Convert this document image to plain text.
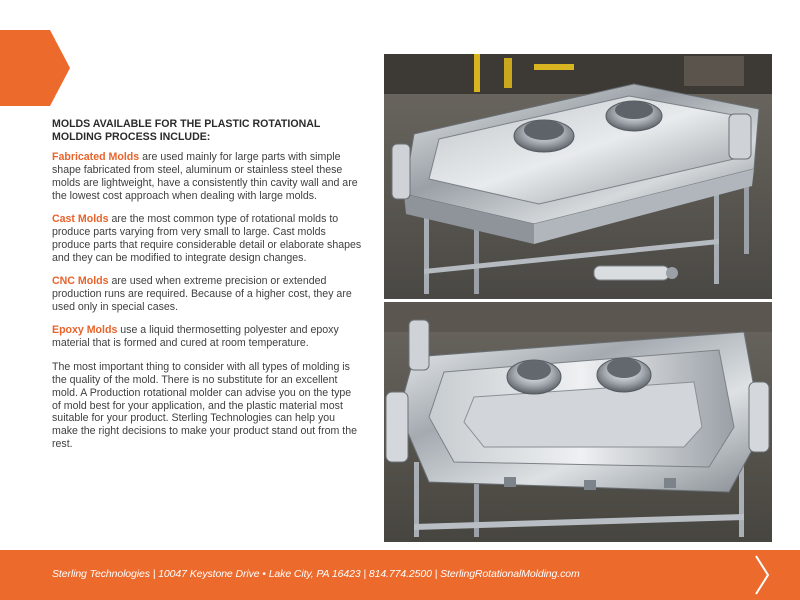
MOLDS AVAILABLE FOR THE PLASTIC ROTATIONAL MOLDING PROCESS INCLUDE:

Fabricated Molds are used mainly for large parts with simple shape fabricated from steel, aluminum or stainless steel these molds are lightweight, have a consistently thin cavity wall and are the lowest cost approach when dealing with large molds.

Cast Molds are the most common type of rotational molds to produce parts varying from very small to large. Cast molds produce parts that require considerable detail or elaborate shapes and they can be modified to integrate design changes.

CNC Molds are used when extreme precision or extended production runs are required. Because of a higher cost, they are used only in special cases.

Epoxy Molds use a liquid thermosetting polyester and epoxy material that is formed and cured at room temperature.

The most important thing to consider with all types of molding is the quality of the mold. There is no substitute for an excellent mold. A Production rotational molder can advise you on the type of mold best for your application, and the plastic material most suitable for your product. Sterling Technologies can help you make the right decisions to make your product stand out from the rest.

Sterling Technologies | 10047 Keystone Drive • Lake City, PA 16423 | 814.774.2500 | SterlingRotationalMolding.com
